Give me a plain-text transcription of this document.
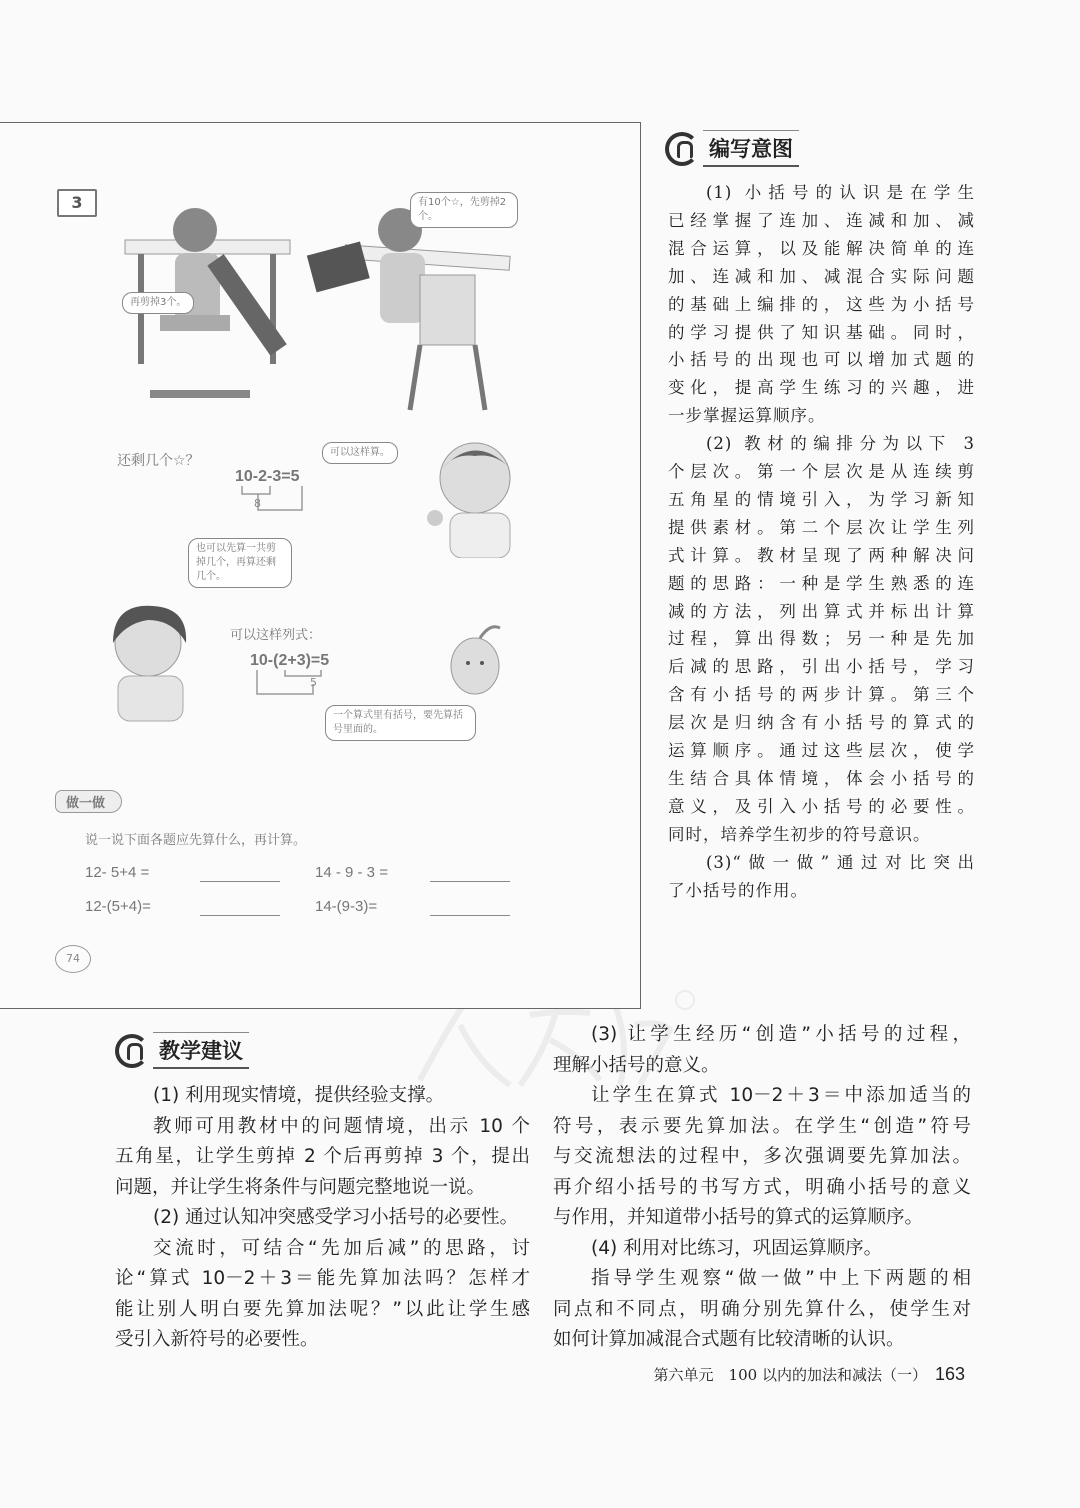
3	有10个☆，先剪掉2个。
再剪掉3个。
还剩几个☆？
可以这样算。
10-2-3=5
8
也可以先算一共剪掉几个，再算还剩几个。
可以这样列式：
10-(2+3)=5
5
一个算式里有括号，要先算括号里面的。
做一做
说一说下面各题应先算什么，再计算。
12- 5+4 =	14 - 9 - 3 =
12-(5+4)=	14-(9-3)=
74
编写意图
(1) 小括号的认识是在学生
已经掌握了连加、连减和加、减
混合运算，以及能解决简单的连
加、连减和加、减混合实际问题
的基础上编排的，这些为小括号
的学习提供了知识基础。同时，
小括号的出现也可以增加式题的
变化，提高学生练习的兴趣，进
一步掌握运算顺序。
(2) 教材的编排分为以下 3
个层次。第一个层次是从连续剪
五角星的情境引入，为学习新知
提供素材。第二个层次让学生列
式计算。教材呈现了两种解决问
题的思路：一种是学生熟悉的连
减的方法，列出算式并标出计算
过程，算出得数；另一种是先加
后减的思路，引出小括号，学习
含有小括号的两步计算。第三个
层次是归纳含有小括号的算式的
运算顺序。通过这些层次，使学
生结合具体情境，体会小括号的
意义，及引入小括号的必要性。
同时，培养学生初步的符号意识。
(3)“做一做”通过对比突出
了小括号的作用。
教学建议
(1) 利用现实情境，提供经验支撑。
教师可用教材中的问题情境，出示 10 个
五角星，让学生剪掉 2 个后再剪掉 3 个，提出
问题，并让学生将条件与问题完整地说一说。
(2) 通过认知冲突感受学习小括号的必要性。
交流时，可结合“先加后减”的思路，讨
论“算式 10－2＋3＝能先算加法吗？怎样才
能让别人明白要先算加法呢？”以此让学生感
受引入新符号的必要性。
(3) 让学生经历“创造”小括号的过程，
理解小括号的意义。
让学生在算式 10－2＋3＝中添加适当的
符号，表示要先算加法。在学生“创造”符号
与交流想法的过程中，多次强调要先算加法。
再介绍小括号的书写方式，明确小括号的意义
与作用，并知道带小括号的算式的运算顺序。
(4) 利用对比练习，巩固运算顺序。
指导学生观察“做一做”中上下两题的相
同点和不同点，明确分别先算什么，使学生对
如何计算加减混合式题有比较清晰的认识。
第六单元　100 以内的加法和减法（一） 163
